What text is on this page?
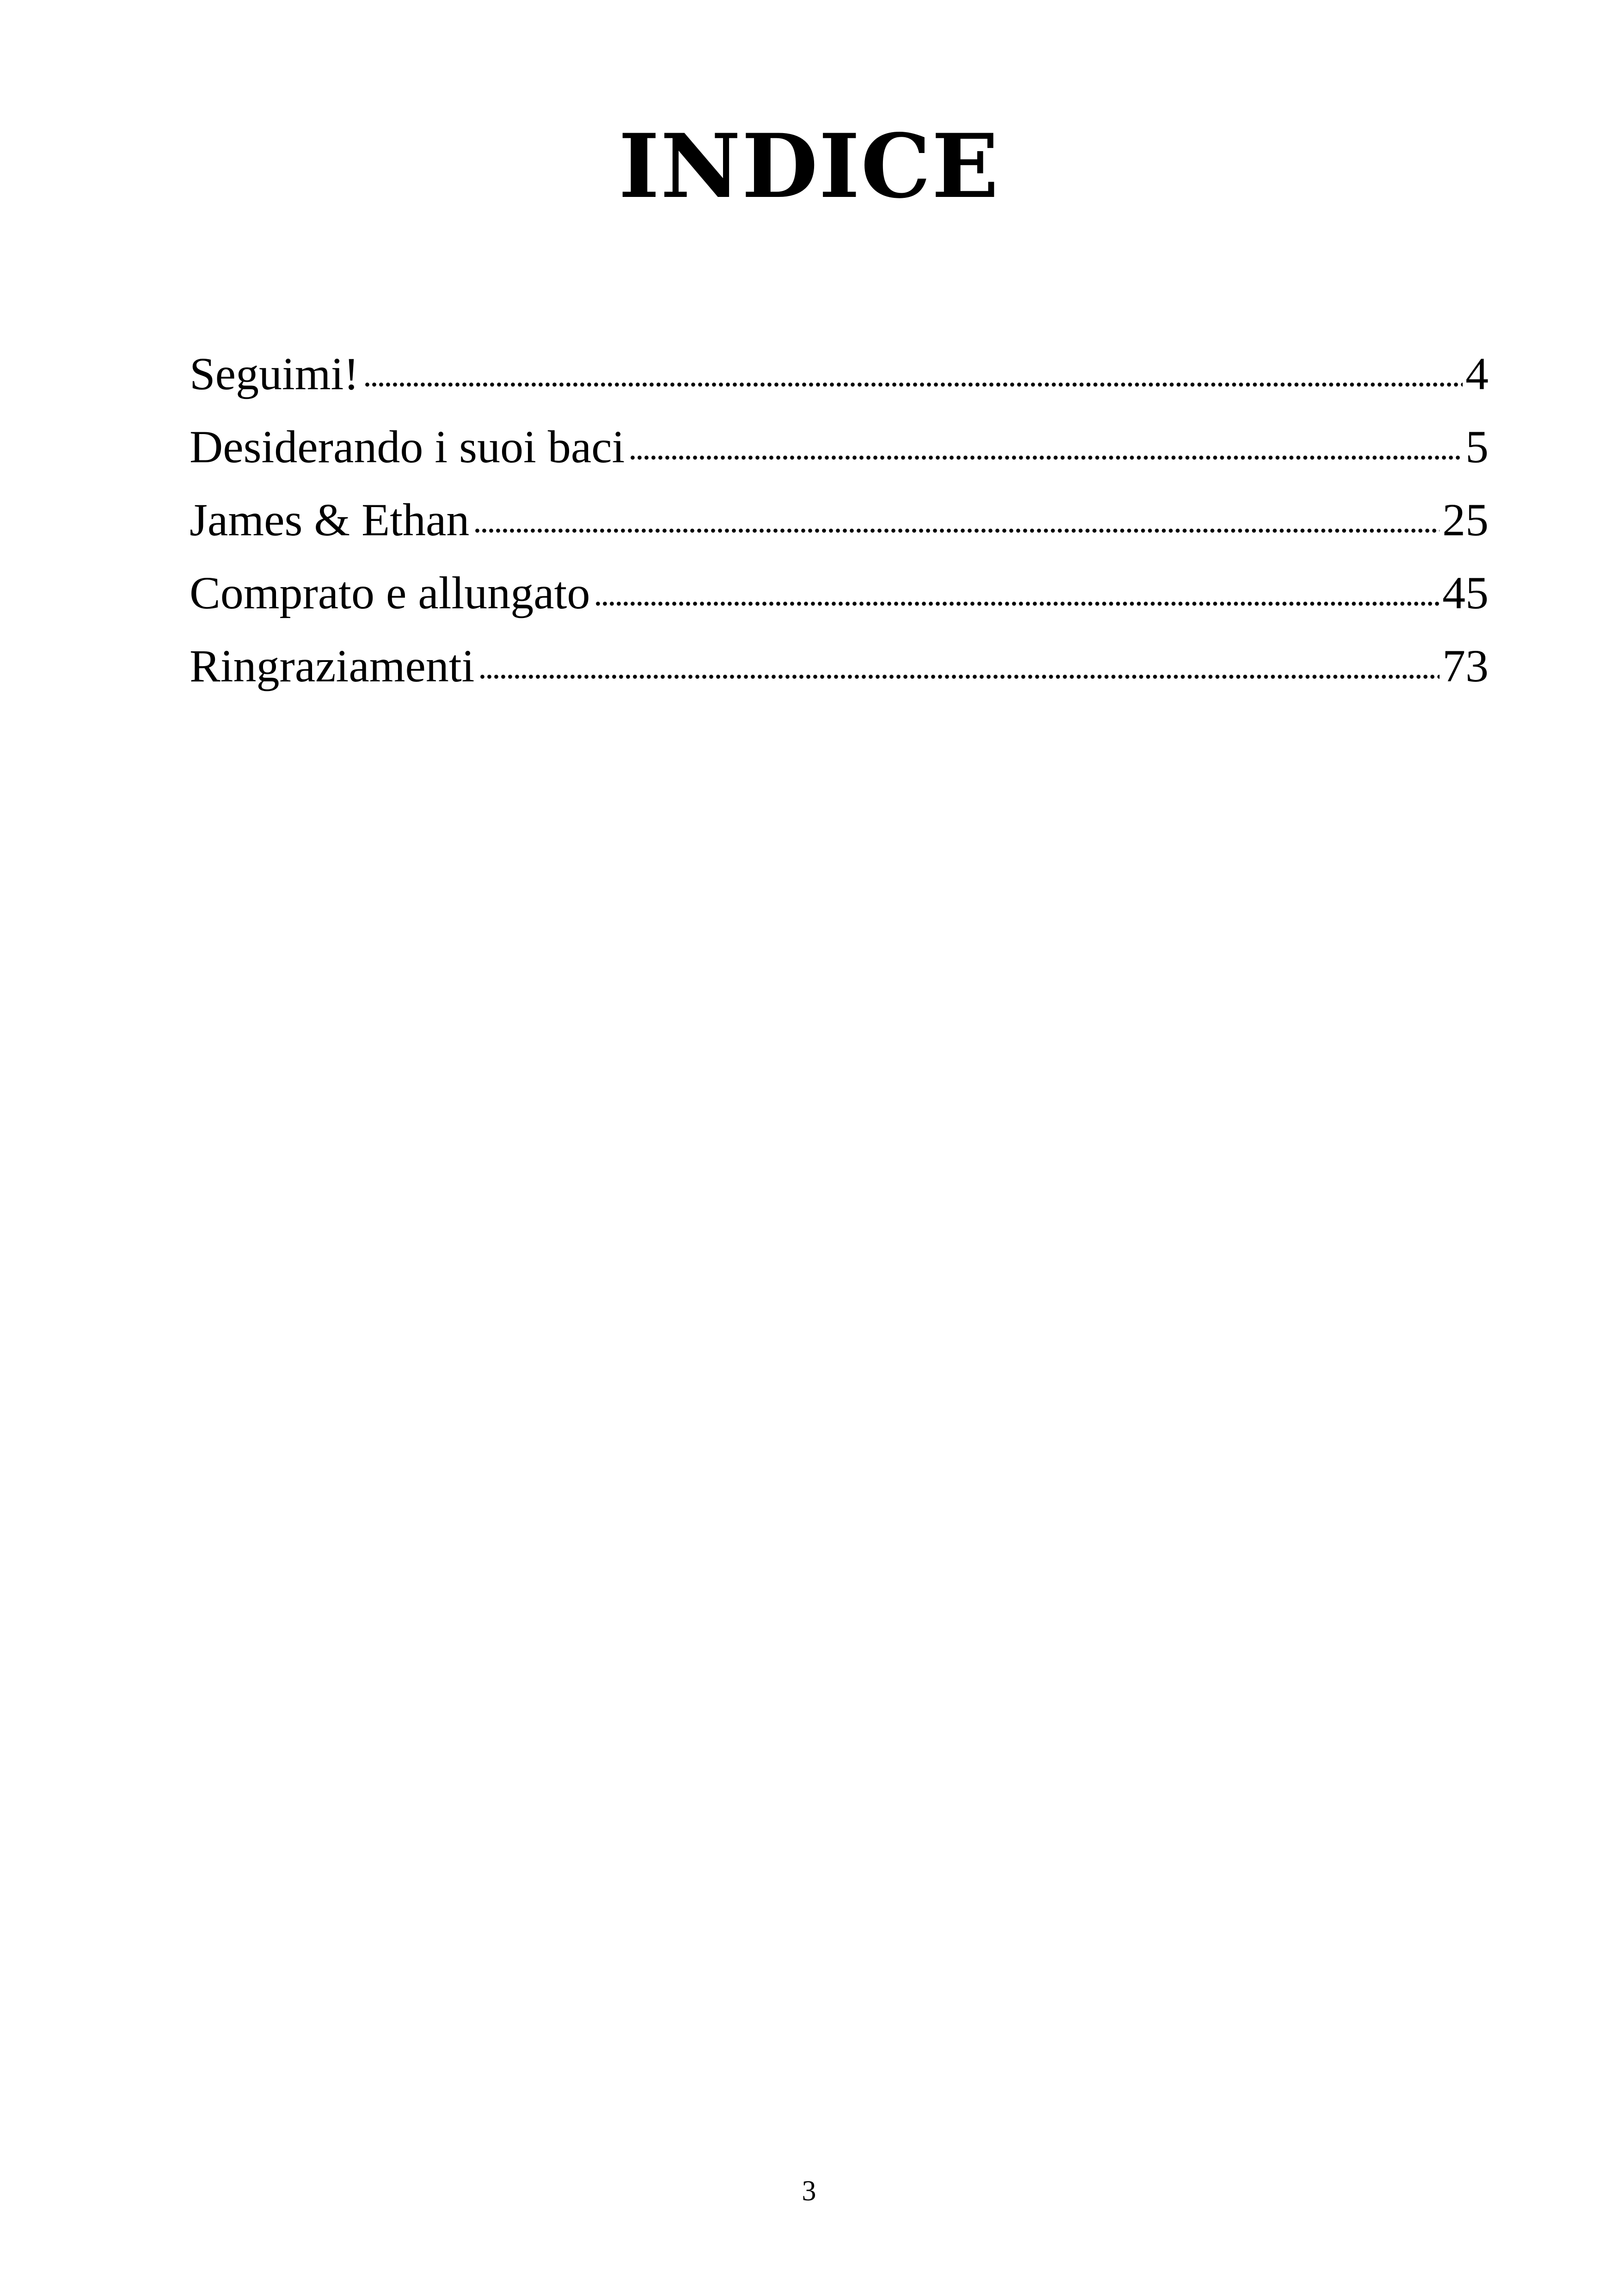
INDICE
Seguimi!	4
Desiderando i suoi baci	5
James & Ethan	25
Comprato e allungato	45
Ringraziamenti	73
3
